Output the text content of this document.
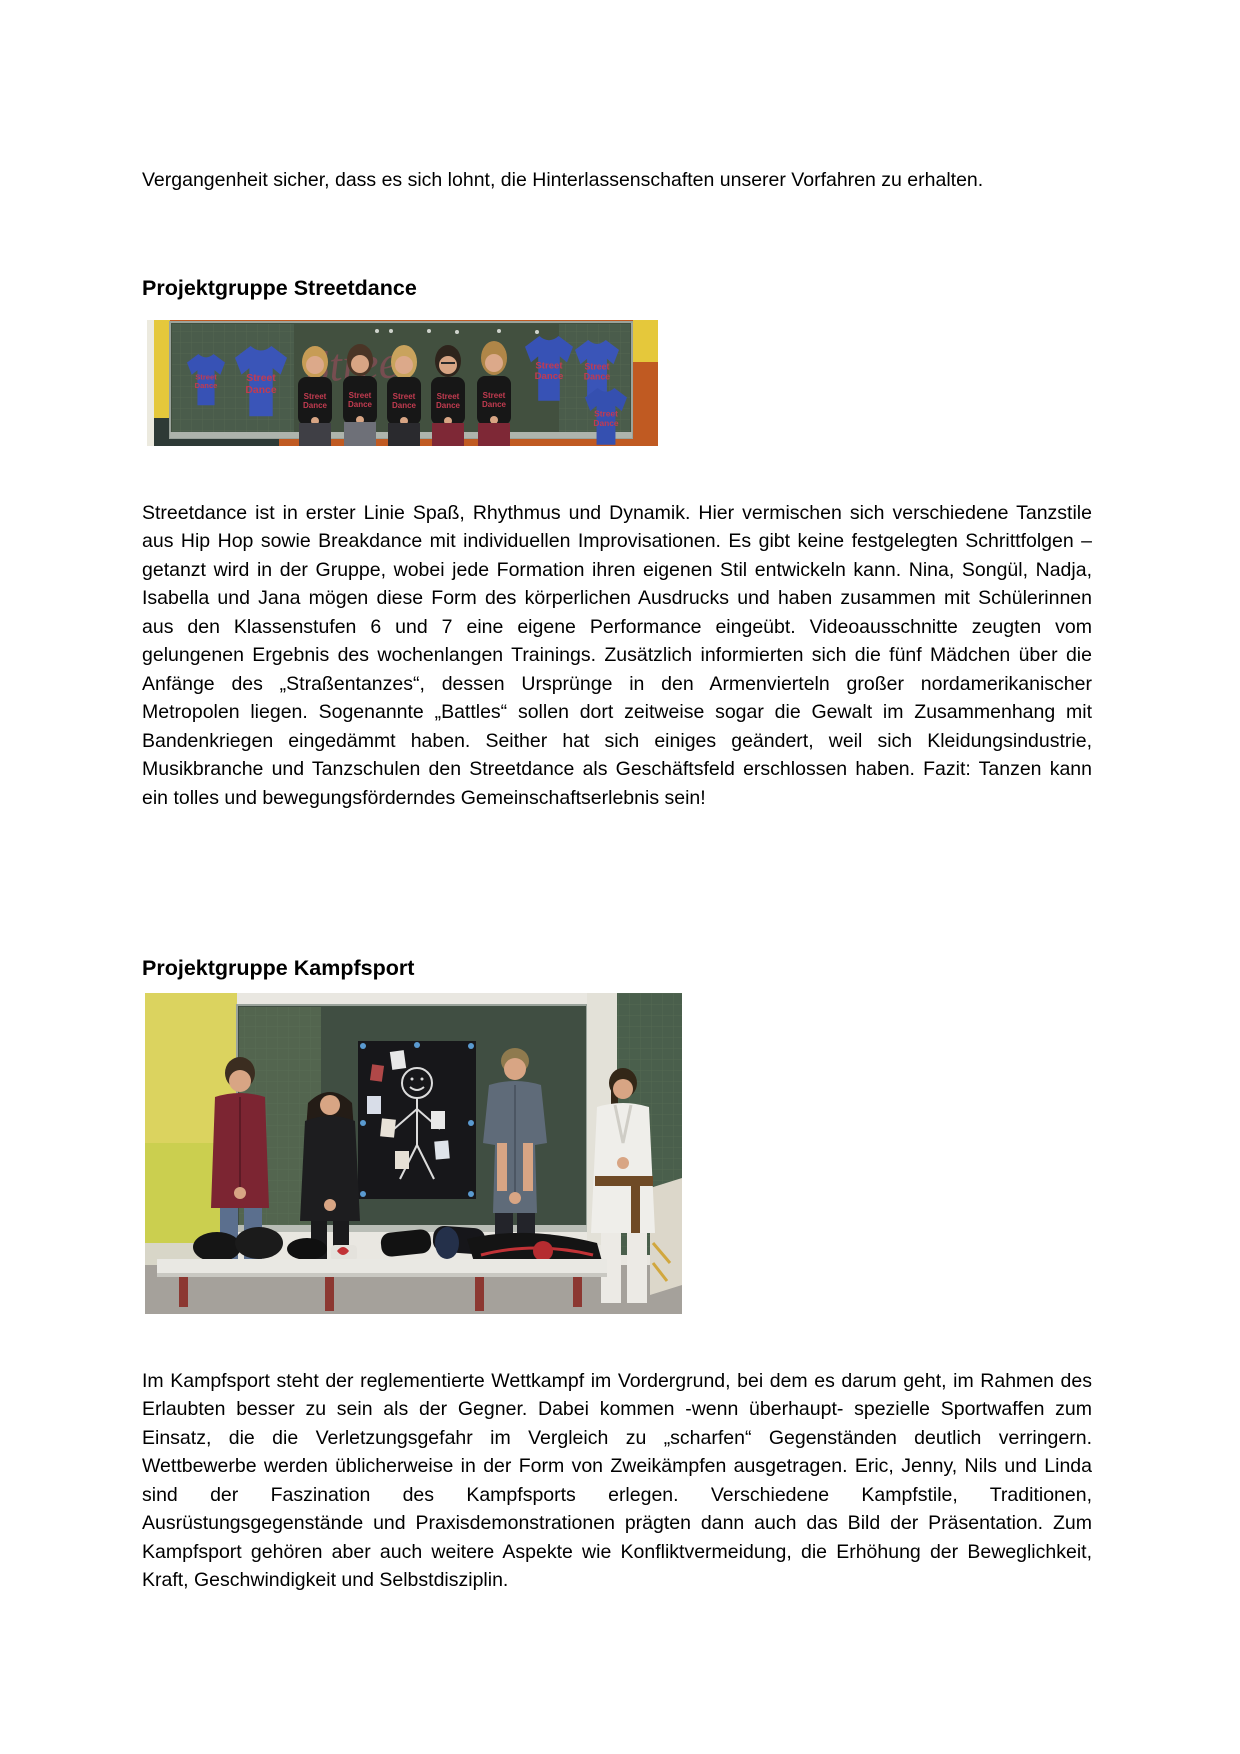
Vergangenheit sicher, dass es sich lohnt, die Hinterlassenschaften unserer Vorfahren zu erhalten.

Projektgruppe Streetdance
Street Dance
Street Dance
Street Dance
Street Dance
Street Dance
Street Dance
Street Dance
Street Dance
Street Dance
Street Dance

Streetdance ist in erster Linie Spaß, Rhythmus und Dynamik. Hier vermischen sich verschiedene Tanzstile aus Hip Hop sowie Breakdance mit individuellen Improvisationen. Es gibt keine festgelegten Schrittfolgen – getanzt wird in der Gruppe, wobei jede Formation ihren eigenen Stil entwickeln kann. Nina, Songül, Nadja, Isabella und Jana mögen diese Form des körperlichen Ausdrucks und haben zusammen mit Schülerinnen aus den Klassenstufen 6 und 7 eine eigene Performance eingeübt. Videoausschnitte zeugten vom gelungenen Ergebnis des wochenlangen Trainings. Zusätzlich informierten sich die fünf Mädchen über die Anfänge des „Straßentanzes“, dessen Ursprünge in den Armenvierteln großer nordamerikanischer Metropolen liegen. Sogenannte „Battles“ sollen dort zeitweise sogar die Gewalt im Zusammenhang mit Bandenkriegen eingedämmt haben. Seither hat sich einiges geändert, weil sich Kleidungsindustrie, Musikbranche und Tanzschulen den Streetdance als Geschäftsfeld erschlossen haben. Fazit: Tanzen kann ein tolles und bewegungsförderndes Gemeinschaftserlebnis sein!

Projektgruppe Kampfsport

Im Kampfsport steht der reglementierte Wettkampf im Vordergrund, bei dem es darum geht, im Rahmen des Erlaubten besser zu sein als der Gegner. Dabei kommen -wenn überhaupt- spezielle Sportwaffen zum Einsatz, die die Verletzungsgefahr im Vergleich zu „scharfen“ Gegenständen deutlich verringern. Wettbewerbe werden üblicherweise in der Form von Zweikämpfen ausgetragen. Eric, Jenny, Nils und Linda sind der Faszination des Kampfsports erlegen. Verschiedene Kampfstile, Traditionen, Ausrüstungsgegenstände und Praxisdemonstrationen prägten dann auch das Bild der Präsentation. Zum Kampfsport gehören aber auch weitere Aspekte wie Konfliktvermeidung, die Erhöhung der Beweglichkeit, Kraft, Geschwindigkeit und Selbstdisziplin.
